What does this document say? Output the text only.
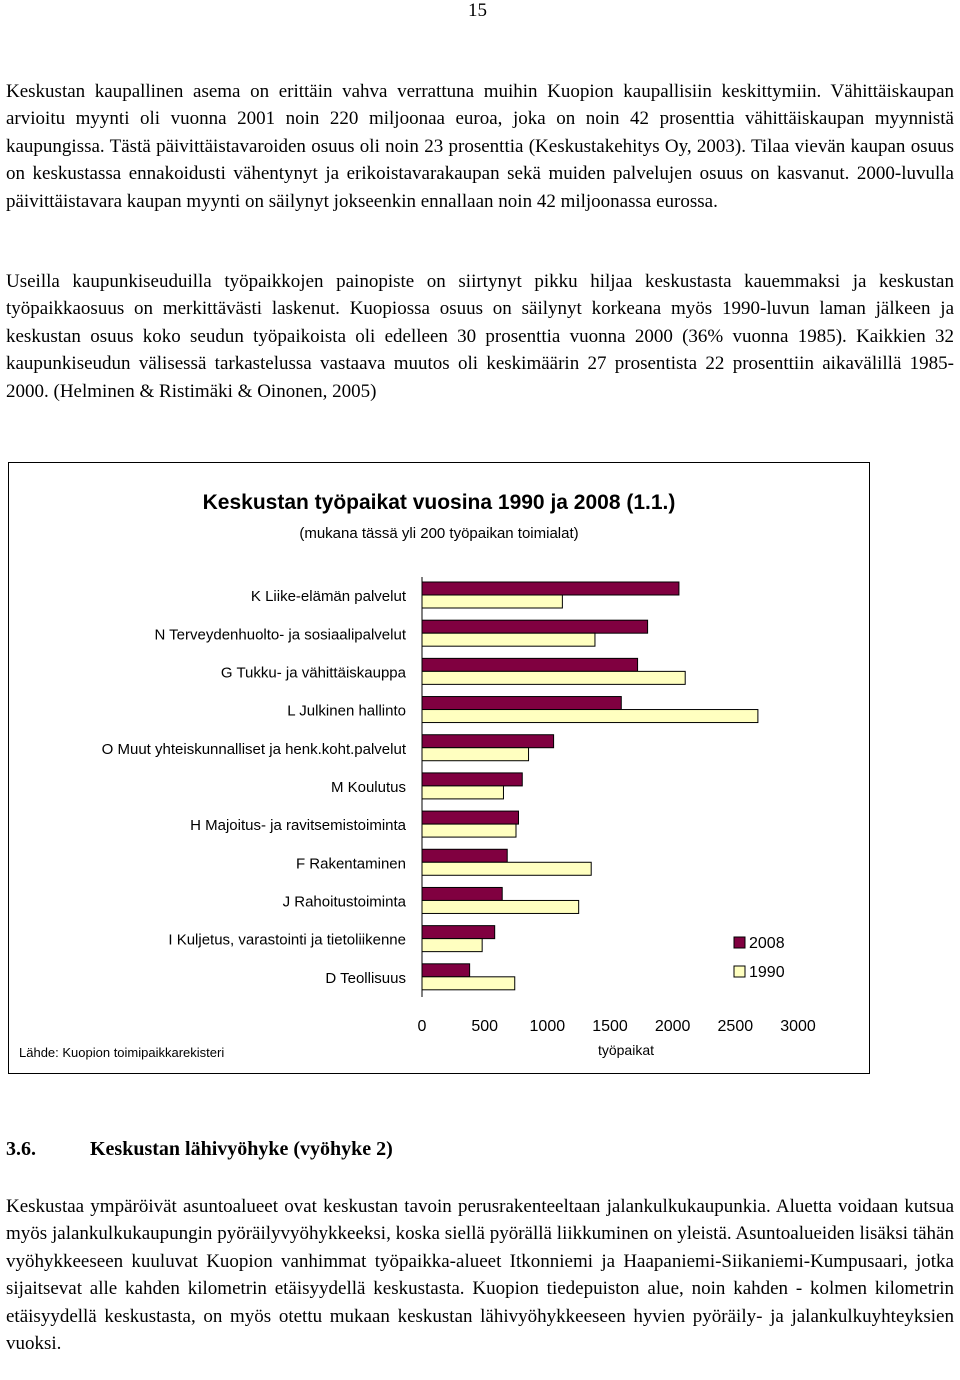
15

Keskustan kaupallinen asema on erittäin vahva verrattuna muihin Kuopion kaupallisiin keskittymiin. Vähittäiskaupan arvioitu myynti oli vuonna 2001 noin 220 miljoonaa euroa, joka on noin 42 prosenttia vähittäiskaupan myynnistä kaupungissa. Tästä päivittäistavaroiden osuus oli noin 23 prosenttia (Keskustakehitys Oy, 2003). Tilaa vievän kaupan osuus on keskustassa ennakoidusti vähentynyt ja erikoistavarakaupan sekä muiden palvelujen osuus on kasvanut. 2000-luvulla päivittäistavara kaupan myynti on säilynyt jokseenkin ennallaan noin 42 miljoonassa eurossa.

Useilla kaupunkiseuduilla työpaikkojen painopiste on siirtynyt pikku hiljaa keskustasta kauemmaksi ja keskustan työpaikkaosuus on merkittävästi laskenut. Kuopiossa osuus on säilynyt korkeana myös 1990-luvun laman jälkeen ja keskustan osuus koko seudun työpaikoista oli edelleen 30 prosenttia vuonna 2000 (36% vuonna 1985). Kaikkien 32 kaupunkiseudun välisessä tarkastelussa vastaava muutos oli keskimäärin 27 prosentista 22 prosenttiin aikavälillä 1985-2000. (Helminen & Ristimäki & Oinonen, 2005)

Keskustan työpaikat vuosina 1990 ja 2008 (1.1.)
(mukana tässä yli 200 työpaikan toimialat)
K Liike-elämän palvelut
N Terveydenhuolto- ja sosiaalipalvelut
G Tukku- ja vähittäiskauppa
L Julkinen hallinto
O Muut yhteiskunnalliset ja henk.koht.palvelut
M Koulutus
H Majoitus- ja ravitsemistoiminta
F Rakentaminen
J Rahoitustoiminta
I Kuljetus, varastointi ja tietoliikenne
D Teollisuus
0	500 1000 1500 2000 2500 3000
työpaikat
2008
1990
Lähde: Kuopion toimipaikkarekisteri
3.6.	Keskustan lähivyöhyke (vyöhyke 2)

Keskustaa ympäröivät asuntoalueet ovat keskustan tavoin perusrakenteeltaan jalankulkukaupunkia. Aluetta voidaan kutsua myös jalankulkukaupungin pyöräilyvyöhykkeeksi, koska siellä pyörällä liikkuminen on yleistä. Asuntoalueiden lisäksi tähän vyöhykkeeseen kuuluvat Kuopion vanhimmat työpaikka-alueet Itkonniemi ja Haapaniemi-Siikaniemi-Kumpusaari, jotka sijaitsevat alle kahden kilometrin etäisyydellä keskustasta. Kuopion tiedepuiston alue, noin kahden - kolmen kilometrin etäisyydellä keskustasta, on myös otettu mukaan keskustan lähivyöhykkeeseen hyvien pyöräily- ja jalankulkuyhteyksien vuoksi.
